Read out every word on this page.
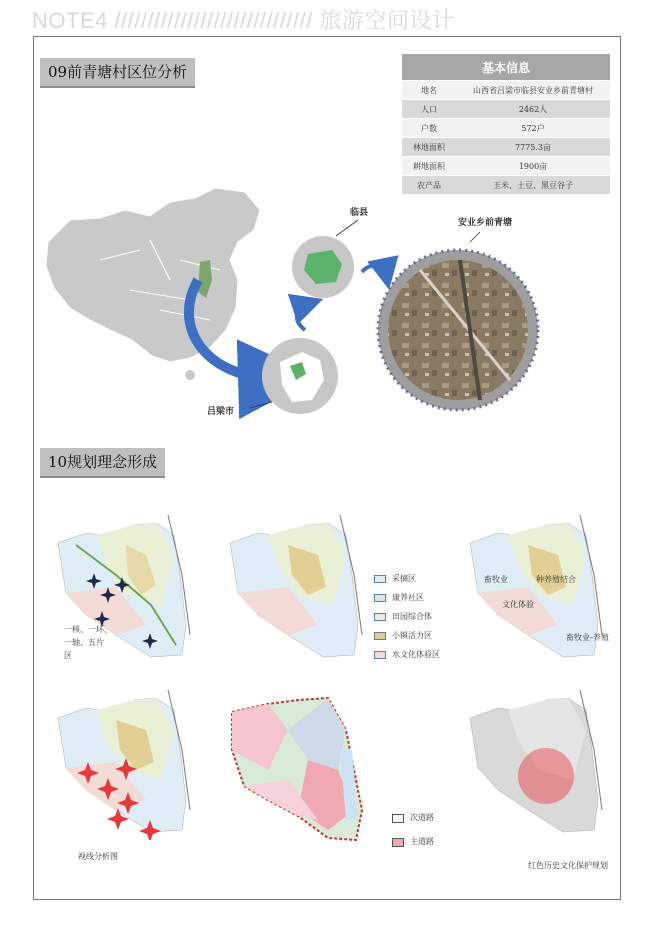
NOTE4 ////////////////////////////// 旅游空间设计
09前青塘村区位分析	基本信息	
地名	山西省吕梁市临县安业乡前青塘村
人口	2462人
户数	572户
林地面积	7775.3亩
耕地面积	1900亩
农产品	玉米、土豆、黑豆谷子
临县
安业乡前青塘
吕梁市
10规划理念形成
一核、一环、
一轴、五片
区
采摘区
康养社区
田园综合体
小镇活力区
水文化体验区
畜牧业	种养殖结合
文化体验
畜牧业-养殖
视线分析图
次道路
主道路
红色历史文化保护规划
